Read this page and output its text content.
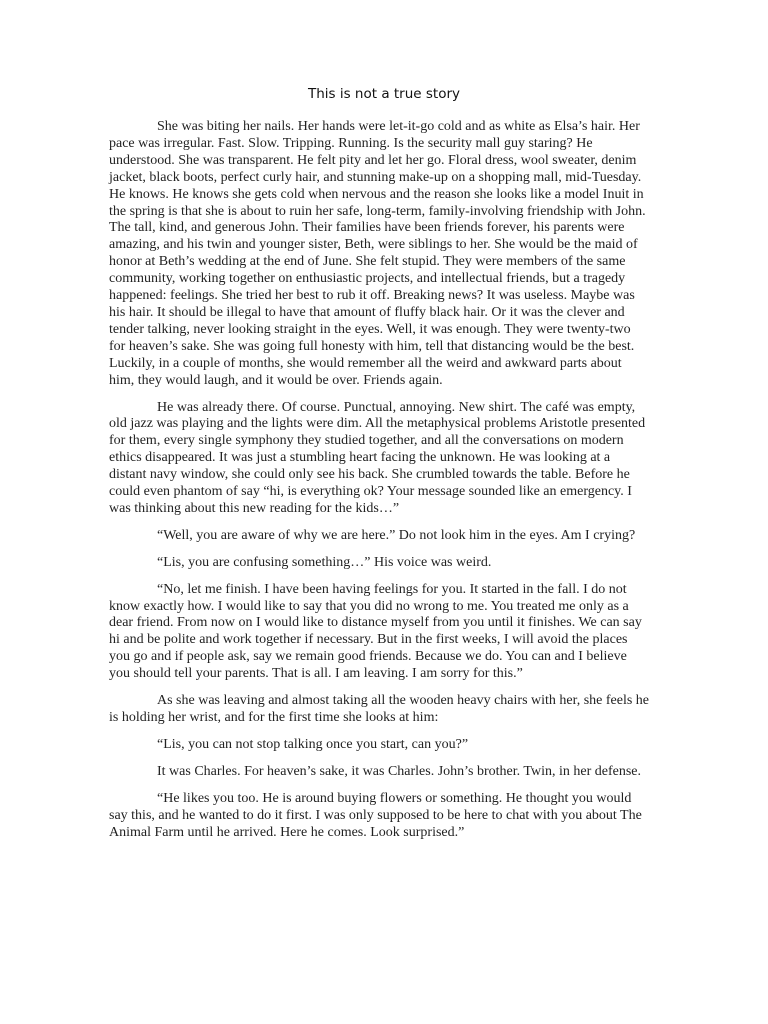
This is not a true story

She was biting her nails. Her hands were let-it-go cold and as white as Elsa’s hair. Her
pace was irregular. Fast. Slow. Tripping. Running. Is the security mall guy staring? He
understood. She was transparent. He felt pity and let her go. Floral dress, wool sweater, denim
jacket, black boots, perfect curly hair, and stunning make-up on a shopping mall, mid-Tuesday.
He knows. He knows she gets cold when nervous and the reason she looks like a model Inuit in
the spring is that she is about to ruin her safe, long-term, family-involving friendship with John.
The tall, kind, and generous John. Their families have been friends forever, his parents were
amazing, and his twin and younger sister, Beth, were siblings to her. She would be the maid of
honor at Beth’s wedding at the end of June. She felt stupid. They were members of the same
community, working together on enthusiastic projects, and intellectual friends, but a tragedy
happened: feelings. She tried her best to rub it off. Breaking news? It was useless. Maybe was
his hair. It should be illegal to have that amount of fluffy black hair. Or it was the clever and
tender talking, never looking straight in the eyes. Well, it was enough. They were twenty-two
for heaven’s sake. She was going full honesty with him, tell that distancing would be the best.
Luckily, in a couple of months, she would remember all the weird and awkward parts about
him, they would laugh, and it would be over. Friends again.

He was already there. Of course. Punctual, annoying. New shirt. The café was empty,
old jazz was playing and the lights were dim. All the metaphysical problems Aristotle presented
for them, every single symphony they studied together, and all the conversations on modern
ethics disappeared. It was just a stumbling heart facing the unknown. He was looking at a
distant navy window, she could only see his back. She crumbled towards the table. Before he
could even phantom of say “hi, is everything ok? Your message sounded like an emergency. I
was thinking about this new reading for the kids…”

“Well, you are aware of why we are here.” Do not look him in the eyes. Am I crying?

“Lis, you are confusing something…” His voice was weird.

“No, let me finish. I have been having feelings for you. It started in the fall. I do not
know exactly how. I would like to say that you did no wrong to me. You treated me only as a
dear friend. From now on I would like to distance myself from you until it finishes. We can say
hi and be polite and work together if necessary. But in the first weeks, I will avoid the places
you go and if people ask, say we remain good friends. Because we do. You can and I believe
you should tell your parents. That is all. I am leaving. I am sorry for this.”

As she was leaving and almost taking all the wooden heavy chairs with her, she feels he
is holding her wrist, and for the first time she looks at him:

“Lis, you can not stop talking once you start, can you?”

It was Charles. For heaven’s sake, it was Charles. John’s brother. Twin, in her defense.

“He likes you too. He is around buying flowers or something. He thought you would
say this, and he wanted to do it first. I was only supposed to be here to chat with you about The
Animal Farm until he arrived. Here he comes. Look surprised.”
